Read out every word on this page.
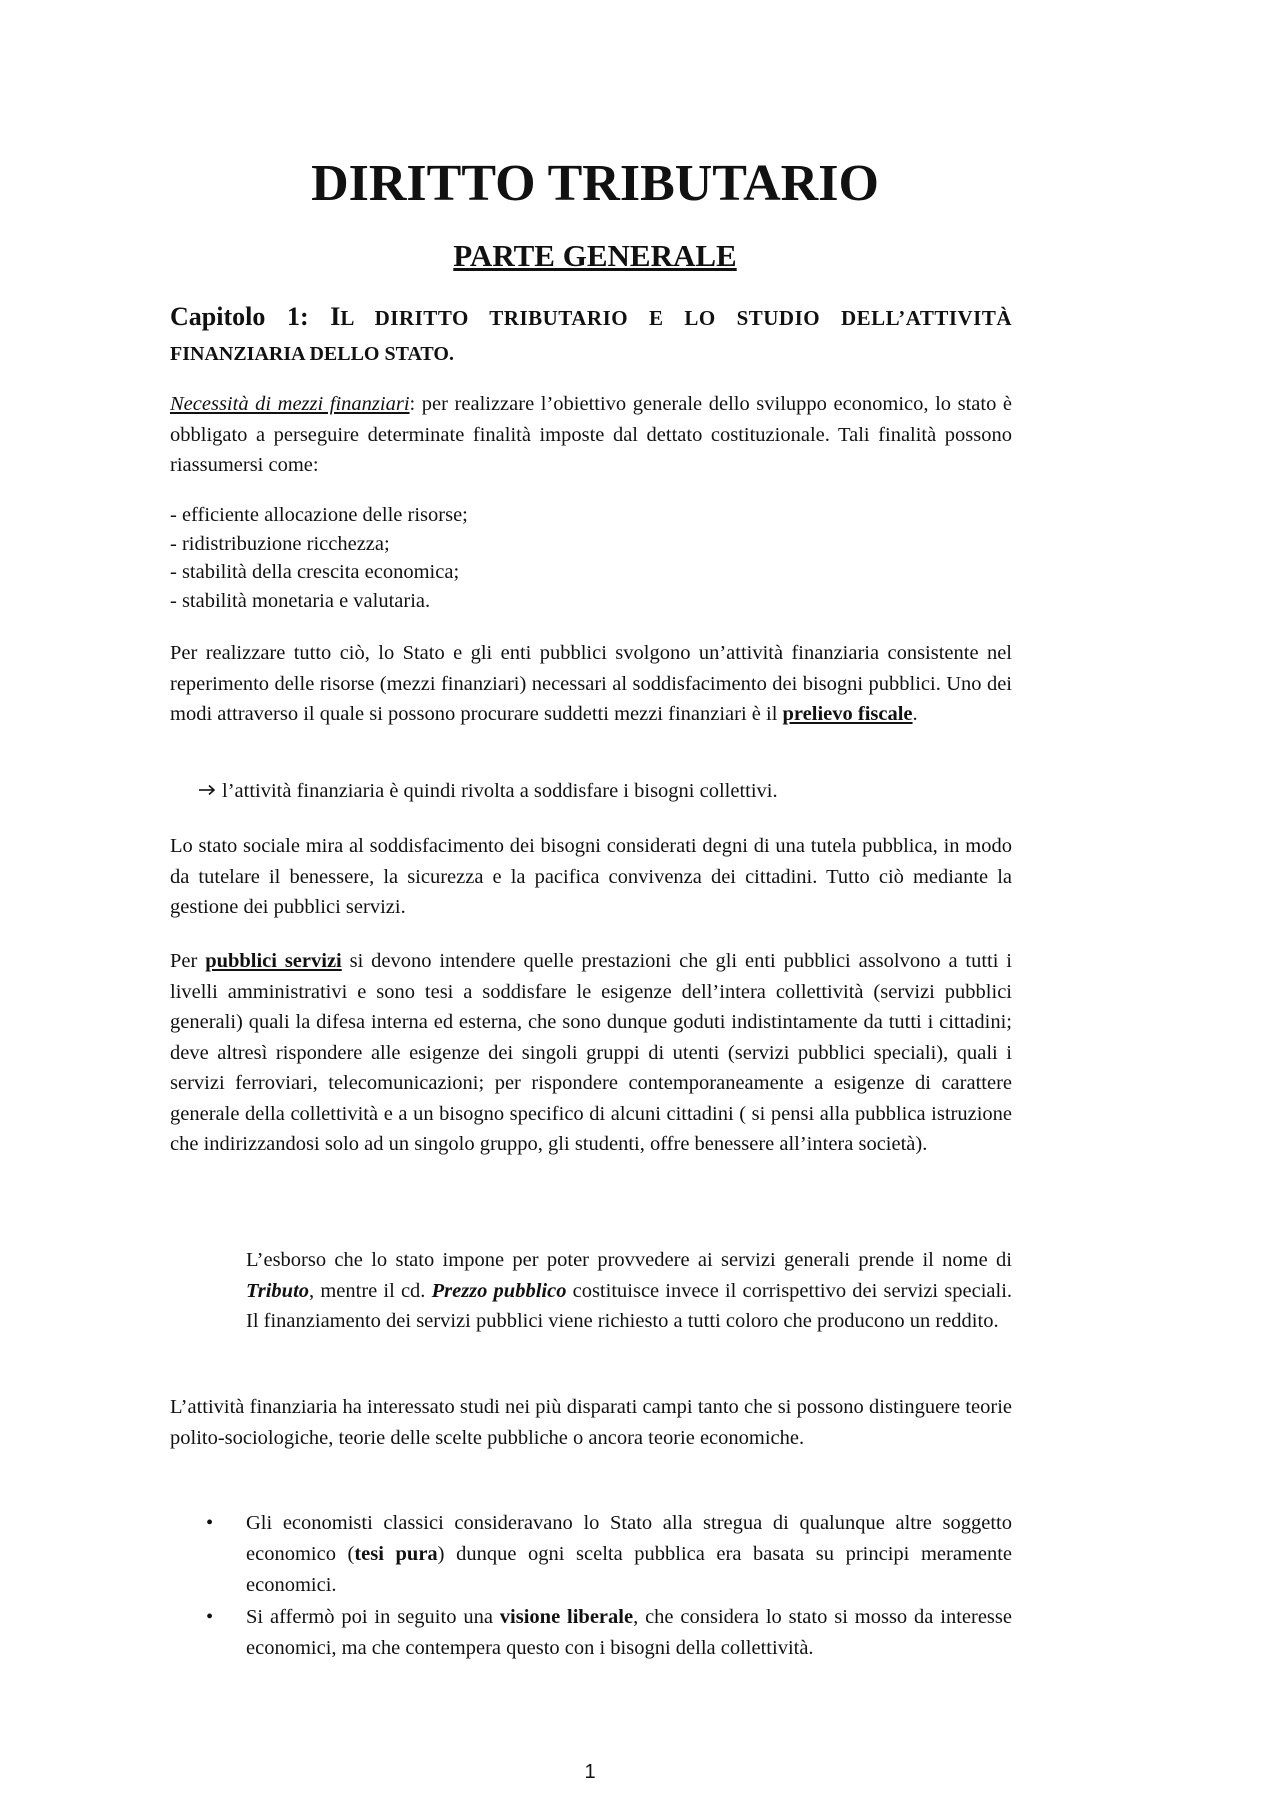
DIRITTO TRIBUTARIO
PARTE GENERALE
Capitolo 1: IL DIRITTO TRIBUTARIO E LO STUDIO DELL’ATTIVITÀ
FINANZIARIA DELLO STATO.

Necessità di mezzi finanziari: per realizzare l’obiettivo generale dello sviluppo economico, lo stato è obbligato a perseguire determinate finalità imposte dal dettato costituzionale. Tali finalità possono riassumersi come:

- efficiente allocazione delle risorse;
- ridistribuzione ricchezza;
- stabilità della crescita economica;
- stabilità monetaria e valutaria.

Per realizzare tutto ciò, lo Stato e gli enti pubblici svolgono un’attività finanziaria consistente nel reperimento delle risorse (mezzi finanziari) necessari al soddisfacimento dei bisogni pubblici. Uno dei modi attraverso il quale si possono procurare suddetti mezzi finanziari è il prelievo fiscale.

l’attività finanziaria è quindi rivolta a soddisfare i bisogni collettivi.

Lo stato sociale mira al soddisfacimento dei bisogni considerati degni di una tutela pubblica, in modo da tutelare il benessere, la sicurezza e la pacifica convivenza dei cittadini. Tutto ciò mediante la gestione dei pubblici servizi.

Per pubblici servizi si devono intendere quelle prestazioni che gli enti pubblici assolvono a tutti i livelli amministrativi e sono tesi a soddisfare le esigenze dell’intera collettività (servizi pubblici generali) quali la difesa interna ed esterna, che sono dunque goduti indistintamente da tutti i cittadini; deve altresì rispondere alle esigenze dei singoli gruppi di utenti (servizi pubblici speciali), quali i servizi ferroviari, telecomunicazioni; per rispondere contemporaneamente a esigenze di carattere generale della collettività e a un bisogno specifico di alcuni cittadini ( si pensi alla pubblica istruzione che indirizzandosi solo ad un singolo gruppo, gli studenti, offre benessere all’intera società).

L’esborso che lo stato impone per poter provvedere ai servizi generali prende il nome di Tributo, mentre il cd. Prezzo pubblico costituisce invece il corrispettivo dei servizi speciali. Il finanziamento dei servizi pubblici viene richiesto a tutti coloro che producono un reddito.

L’attività finanziaria ha interessato studi nei più disparati campi tanto che si possono distinguere teorie polito-sociologiche, teorie delle scelte pubbliche o ancora teorie economiche.

• Gli economisti classici consideravano lo Stato alla stregua di qualunque altre soggetto economico (tesi pura) dunque ogni scelta pubblica era basata su principi meramente economici.
• Si affermò poi in seguito una visione liberale, che considera lo stato si mosso da interesse economici, ma che contempera questo con i bisogni della collettività.

1
